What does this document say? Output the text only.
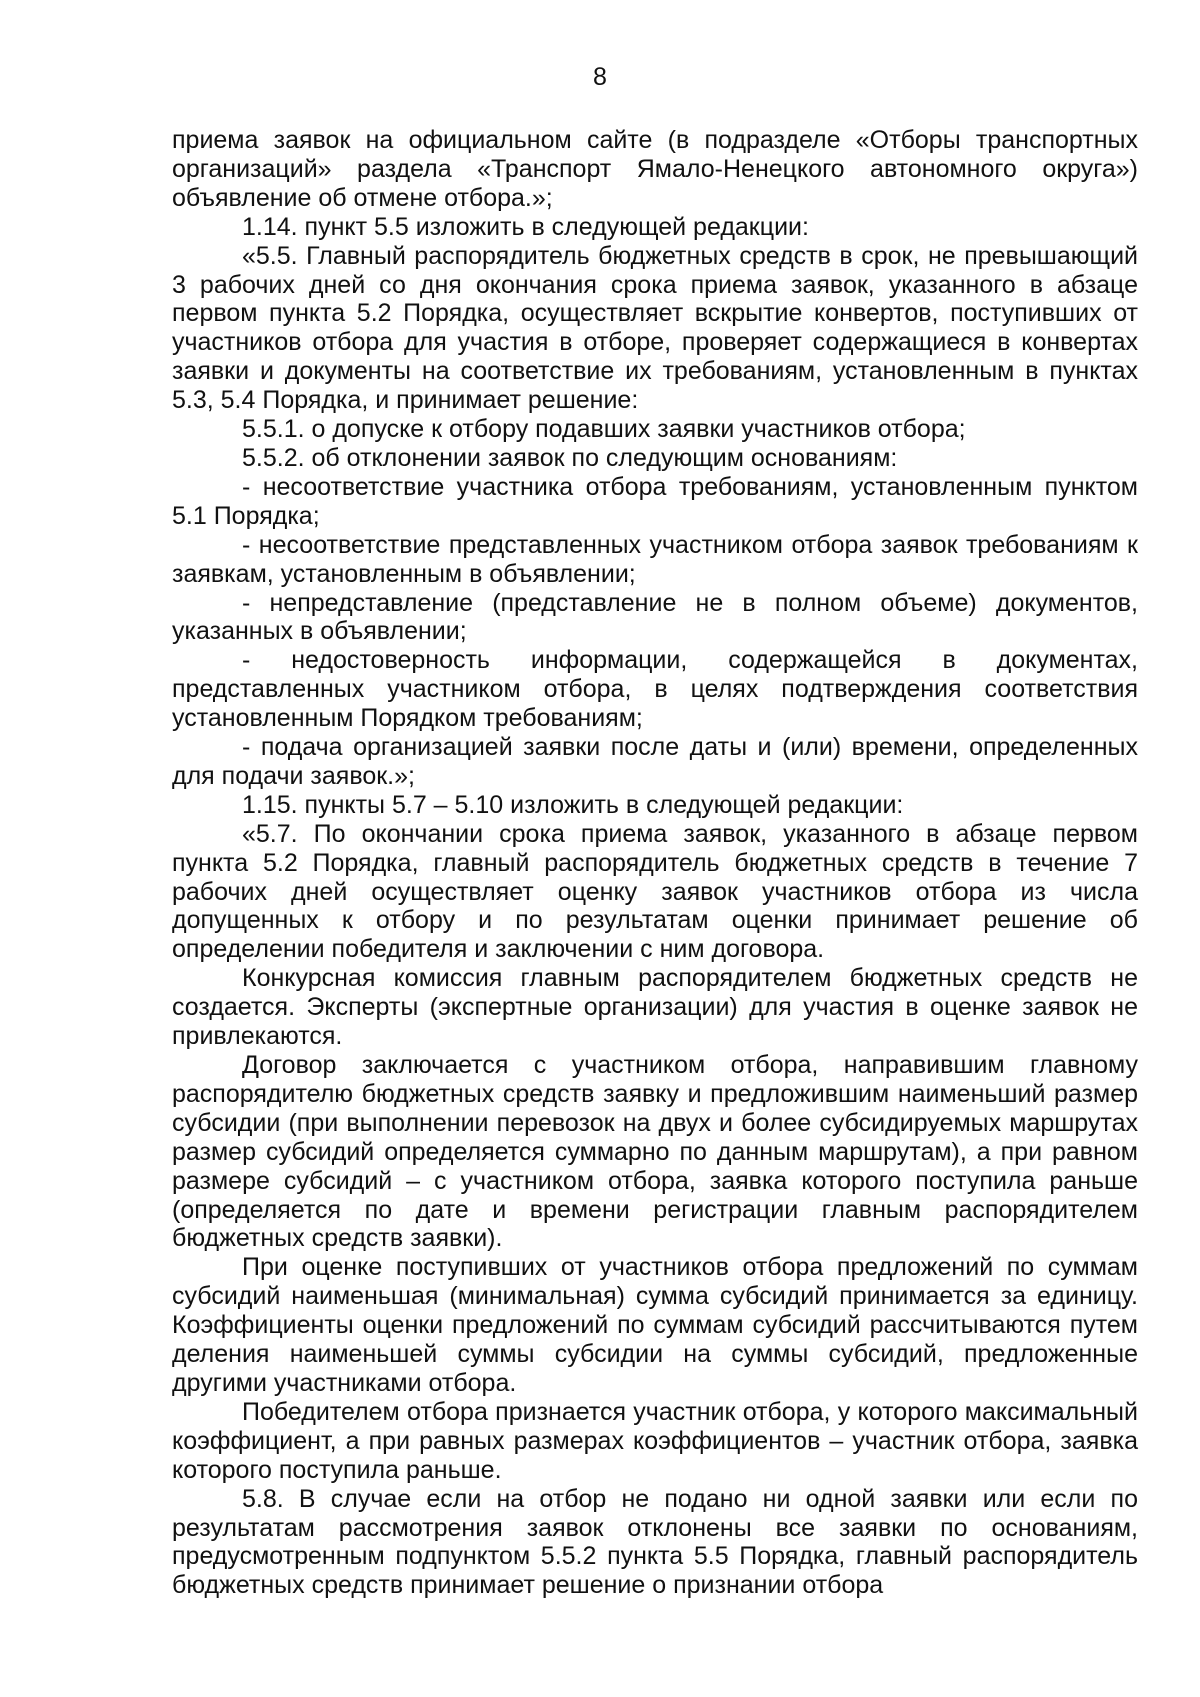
8

приема заявок на официальном сайте (в подразделе «Отборы транспортных организаций» раздела «Транспорт Ямало-Ненецкого автономного округа») объявление об отмене отбора.»;

1.14. пункт 5.5 изложить в следующей редакции:

«5.5. Главный распорядитель бюджетных средств в срок, не превышающий 3 рабочих дней со дня окончания срока приема заявок, указанного в абзаце первом пункта 5.2 Порядка, осуществляет вскрытие конвертов, поступивших от участников отбора для участия в отборе, проверяет содержащиеся в конвертах заявки и документы на соответствие их требованиям, установленным в пунктах 5.3, 5.4 Порядка, и принимает решение:

5.5.1. о допуске к отбору подавших заявки участников отбора;

5.5.2. об отклонении заявок по следующим основаниям:

- несоответствие участника отбора требованиям, установленным пунктом 5.1 Порядка;

- несоответствие представленных участником отбора заявок требованиям к заявкам, установленным в объявлении;

- непредставление (представление не в полном объеме) документов, указанных в объявлении;

- недостоверность информации, содержащейся в документах, представленных участником отбора, в целях подтверждения соответствия установленным Порядком требованиям;

- подача организацией заявки после даты и (или) времени, определенных для подачи заявок.»;

1.15. пункты 5.7 – 5.10 изложить в следующей редакции:

«5.7. По окончании срока приема заявок, указанного в абзаце первом пункта 5.2 Порядка, главный распорядитель бюджетных средств в течение 7 рабочих дней осуществляет оценку заявок участников отбора из числа допущенных к отбору и по результатам оценки принимает решение об определении победителя и заключении с ним договора.

Конкурсная комиссия главным распорядителем бюджетных средств не создается. Эксперты (экспертные организации) для участия в оценке заявок не привлекаются.

Договор заключается с участником отбора, направившим главному распорядителю бюджетных средств заявку и предложившим наименьший размер субсидии (при выполнении перевозок на двух и более субсидируемых маршрутах размер субсидий определяется суммарно по данным маршрутам), а при равном размере субсидий – с участником отбора, заявка которого поступила раньше (определяется по дате и времени регистрации главным распорядителем бюджетных средств заявки).

При оценке поступивших от участников отбора предложений по суммам субсидий наименьшая (минимальная) сумма субсидий принимается за единицу. Коэффициенты оценки предложений по суммам субсидий рассчитываются путем деления наименьшей суммы субсидии на суммы субсидий, предложенные другими участниками отбора.

Победителем отбора признается участник отбора, у которого максимальный коэффициент, а при равных размерах коэффициентов – участник отбора, заявка которого поступила раньше.

5.8. В случае если на отбор не подано ни одной заявки или если по результатам рассмотрения заявок отклонены все заявки по основаниям, предусмотренным подпунктом 5.5.2 пункта 5.5 Порядка, главный распорядитель бюджетных средств принимает решение о признании отбора
